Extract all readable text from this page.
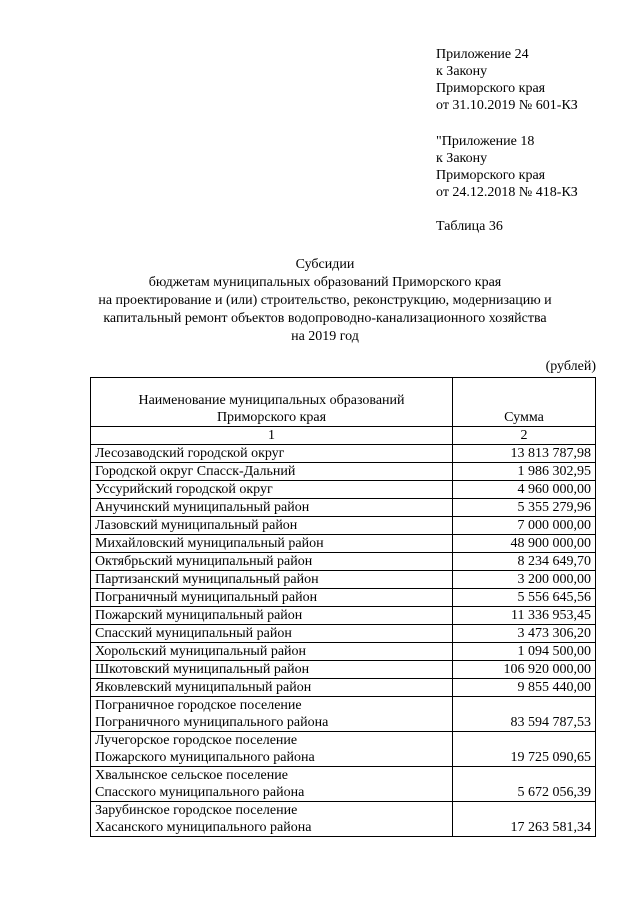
Приложение 24
к Закону
Приморского края
от 31.10.2019 № 601-КЗ
"Приложение 18
к Закону
Приморского края
от 24.12.2018 № 418-КЗ
Таблица 36
Субсидии
бюджетам муниципальных образований Приморского края
на проектирование и (или) строительство, реконструкцию, модернизацию и
капитальный ремонт объектов водопроводно-канализационного хозяйства
на 2019 год
(рублей)
Наименование муниципальных образований
Приморского края	Сумма
1	2
Лесозаводский городской округ	13 813 787,98
Городской округ Спасск-Дальний	1 986 302,95
Уссурийский городской округ	4 960 000,00
Анучинский муниципальный район	5 355 279,96
Лазовский муниципальный район	7 000 000,00
Михайловский муниципальный район	48 900 000,00
Октябрьский муниципальный район	8 234 649,70
Партизанский муниципальный район	3 200 000,00
Пограничный муниципальный район	5 556 645,56
Пожарский муниципальный район	11 336 953,45
Спасский муниципальный район	3 473 306,20
Хорольский муниципальный район	1 094 500,00
Шкотовский муниципальный район	106 920 000,00
Яковлевский муниципальный район	9 855 440,00

Пограничное городское поселение
Пограничного муниципального района	83 594 787,53

Лучегорское городское поселение
Пожарского муниципального района	19 725 090,65

Хвалынское сельское поселение
Спасского муниципального района	5 672 056,39

Зарубинское городское поселение
Хасанского муниципального района	17 263 581,34
